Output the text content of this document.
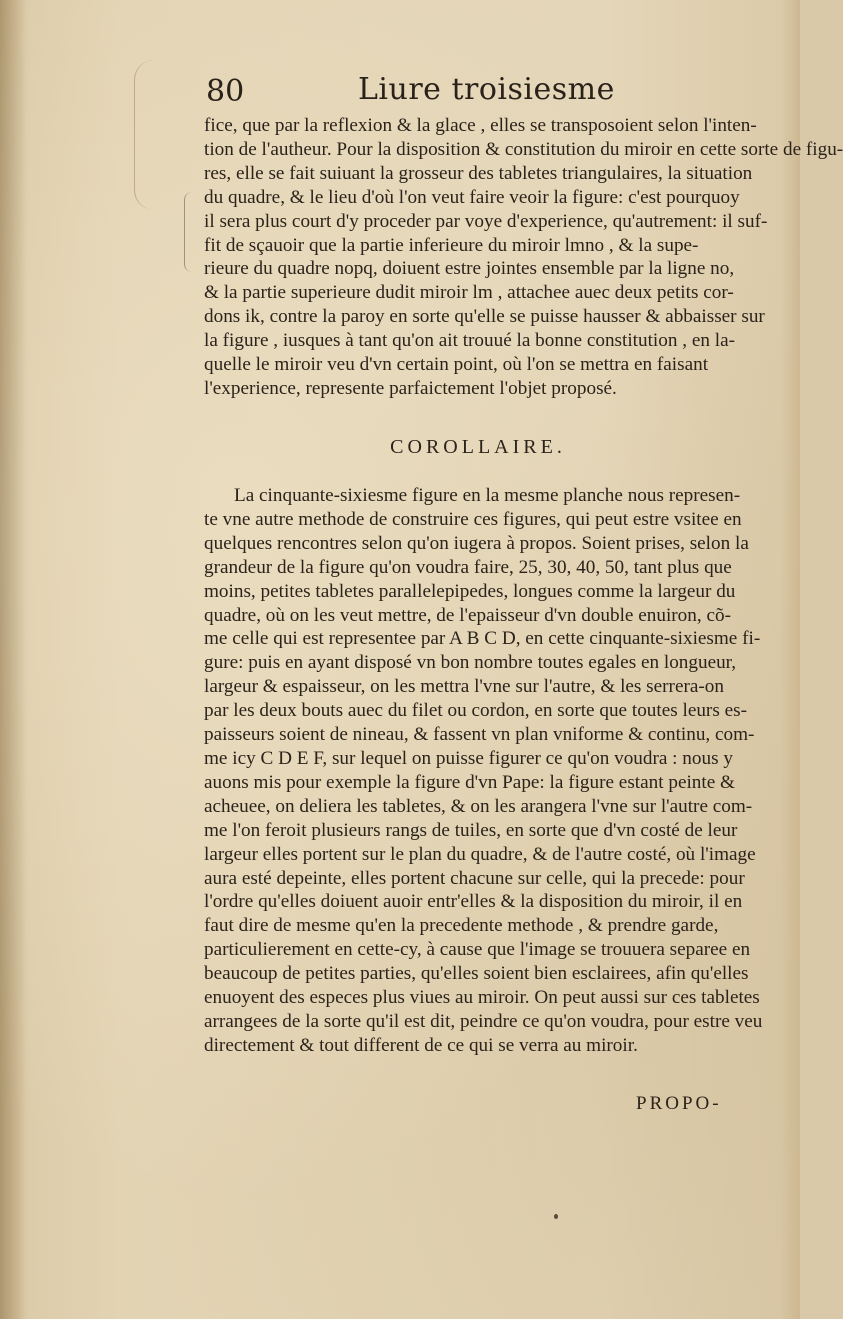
80	Liure troisiesme
fice, que par la reflexion & la glace , elles se transposoient selon l'inten-
tion de l'autheur. Pour la disposition & constitution du miroir en cette sorte de figu-
res, elle se fait suiuant la grosseur des tabletes triangulaires, la situation
du quadre, & le lieu d'où l'on veut faire veoir la figure: c'est pourquoy
il sera plus court d'y proceder par voye d'experience, qu'autrement: il suf-
fit de sçauoir que la partie inferieure du miroir lmno , & la supe-
rieure du quadre nopq, doiuent estre jointes ensemble par la ligne no,
& la partie superieure dudit miroir lm , attachee auec deux petits cor-
dons ik, contre la paroy en sorte qu'elle se puisse hausser & abbaisser sur
la figure , iusques à tant qu'on ait trouué la bonne constitution , en la-
quelle le miroir veu d'vn certain point, où l'on se mettra en faisant
l'experience, represente parfaictement l'objet proposé.
COROLLAIRE.
La cinquante-sixiesme figure en la mesme planche nous represen-
te vne autre methode de construire ces figures, qui peut estre vsitee en
quelques rencontres selon qu'on iugera à propos. Soient prises, selon la
grandeur de la figure qu'on voudra faire, 25, 30, 40, 50, tant plus que
moins, petites tabletes parallelepipedes, longues comme la largeur du
quadre, où on les veut mettre, de l'epaisseur d'vn double enuiron, cõ-
me celle qui est representee par A B C D, en cette cinquante-sixiesme fi-
gure: puis en ayant disposé vn bon nombre toutes egales en longueur,
largeur & espaisseur, on les mettra l'vne sur l'autre, & les serrera-on
par les deux bouts auec du filet ou cordon, en sorte que toutes leurs es-
paisseurs soient de nineau, & fassent vn plan vniforme & continu, com-
me icy C D E F, sur lequel on puisse figurer ce qu'on voudra : nous y
auons mis pour exemple la figure d'vn Pape: la figure estant peinte &
acheuee, on deliera les tabletes, & on les arangera l'vne sur l'autre com-
me l'on feroit plusieurs rangs de tuiles, en sorte que d'vn costé de leur
largeur elles portent sur le plan du quadre, & de l'autre costé, où l'image
aura esté depeinte, elles portent chacune sur celle, qui la precede: pour
l'ordre qu'elles doiuent auoir entr'elles & la disposition du miroir, il en
faut dire de mesme qu'en la precedente methode , & prendre garde,
particulierement en cette-cy, à cause que l'image se trouuera separee en
beaucoup de petites parties, qu'elles soient bien esclairees, afin qu'elles
enuoyent des especes plus viues au miroir. On peut aussi sur ces tabletes
arrangees de la sorte qu'il est dit, peindre ce qu'on voudra, pour estre veu
directement & tout different de ce qui se verra au miroir.
PROPO-
